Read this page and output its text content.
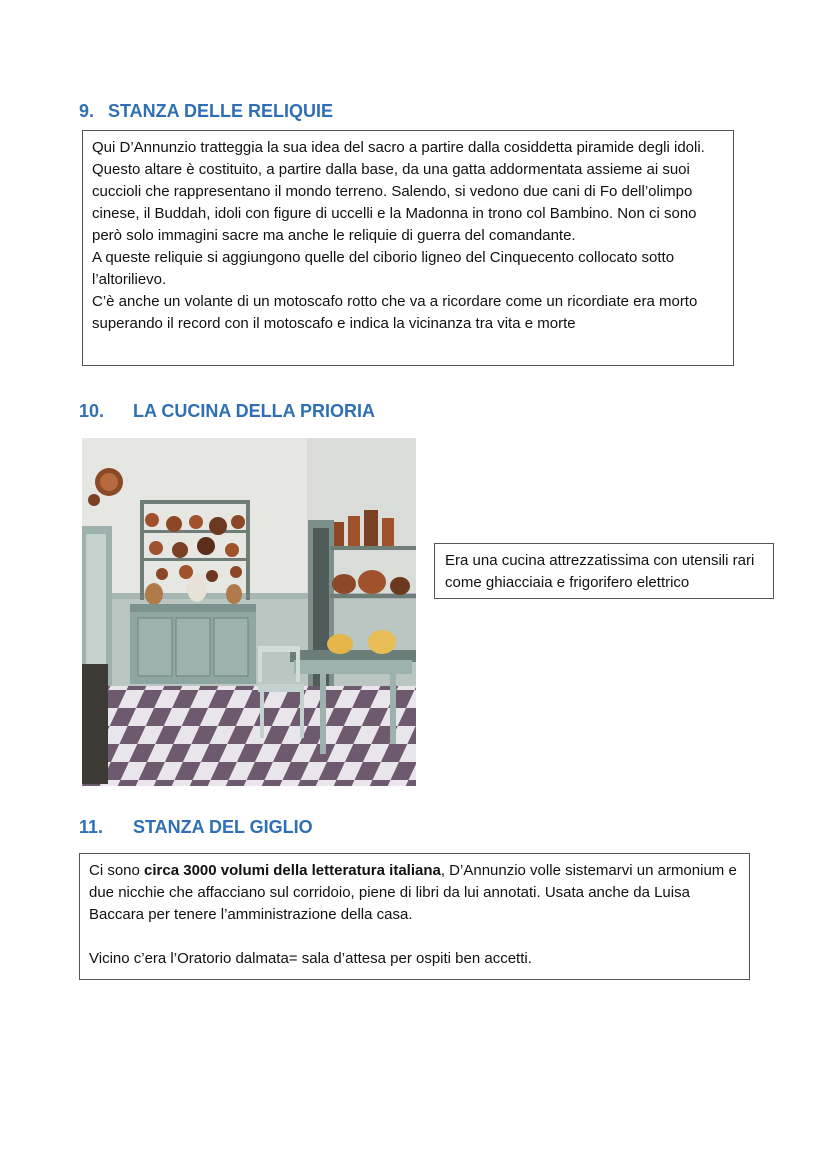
9. STANZA DELLE RELIQUIE

Qui D’Annunzio tratteggia la sua idea del sacro a partire dalla cosiddetta piramide degli idoli. Questo altare è costituito, a partire dalla base, da una gatta addormentata assieme ai suoi cuccioli che rappresentano il mondo terreno. Salendo, si vedono due cani di Fo dell’olimpo cinese, il Buddah, idoli con figure di uccelli e la Madonna in trono col Bambino. Non ci sono però solo immagini sacre ma anche le reliquie di guerra del comandante.

A queste reliquie si aggiungono quelle del ciborio ligneo del Cinquecento collocato sotto l’altorilievo.

C’è anche un volante di un motoscafo rotto che va a ricordare come un ricordiate era morto superando il record con il motoscafo e indica la vicinanza tra vita e morte

10. LA CUCINA DELLA PRIORIA

Era una cucina attrezzatissima con utensili rari come ghiacciaia e frigorifero elettrico

11. STANZA DEL GIGLIO

Ci sono circa 3000 volumi della letteratura italiana, D’Annunzio volle sistemarvi un armonium e due nicchie che affacciano sul corridoio, piene di libri da lui annotati. Usata anche da Luisa Baccara per tenere l’amministrazione della casa.

Vicino c’era l’Oratorio dalmata= sala d’attesa per ospiti ben accetti.
